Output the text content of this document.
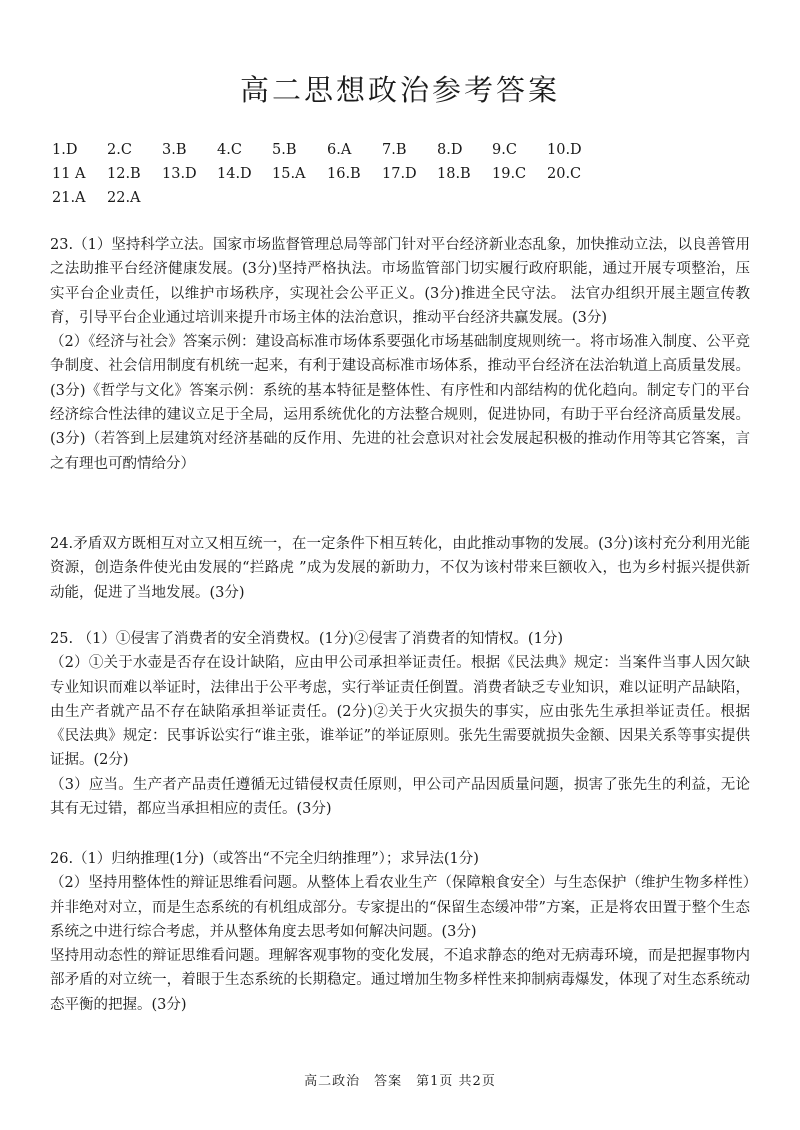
高二思想政治参考答案
1.D 2.C 3.B 4.C 5.B 6.A 7.B 8.D 9.C 10.D
11 A 12.B 13.D 14.D 15.A 16.B 17.D 18.B 19.C 20.C
21.A 22.A

23.（1）坚持科学立法。国家市场监督管理总局等部门针对平台经济新业态乱象，加快推动立法，以良善管用之法助推平台经济健康发展。(3分)坚持严格执法。市场监管部门切实履行政府职能，通过开展专项整治，压实平台企业责任，以维护市场秩序，实现社会公平正义。(3分)推进全民守法。 法官办组织开展主题宣传教育，引导平台企业通过培训来提升市场主体的法治意识，推动平台经济共赢发展。(3分)

（2）《经济与社会》答案示例：建设高标准市场体系要强化市场基础制度规则统一。将市场准入制度、公平竞争制度、社会信用制度有机统一起来，有利于建设高标准市场体系，推动平台经济在法治轨道上高质量发展。(3分)《哲学与文化》答案示例：系统的基本特征是整体性、有序性和内部结构的优化趋向。制定专门的平台经济综合性法律的建议立足于全局，运用系统优化的方法整合规则，促进协同，有助于平台经济高质量发展。(3分)（若答到上层建筑对经济基础的反作用、先进的社会意识对社会发展起积极的推动作用等其它答案，言之有理也可酌情给分）

24.矛盾双方既相互对立又相互统一，在一定条件下相互转化，由此推动事物的发展。(3分)该村充分利用光能资源，创造条件使光由发展的“拦路虎 ”成为发展的新助力，不仅为该村带来巨额收入，也为乡村振兴提供新动能，促进了当地发展。(3分)

25. （1）①侵害了消费者的安全消费权。(1分)②侵害了消费者的知情权。(1分)

（2）①关于水壶是否存在设计缺陷，应由甲公司承担举证责任。根据《民法典》规定：当案件当事人因欠缺专业知识而难以举证时，法律出于公平考虑，实行举证责任倒置。消费者缺乏专业知识，难以证明产品缺陷，由生产者就产品不存在缺陷承担举证责任。(2分)②关于火灾损失的事实，应由张先生承担举证责任。根据《民法典》规定：民事诉讼实行“谁主张，谁举证”的举证原则。张先生需要就损失金额、因果关系等事实提供证据。(2分)

（3）应当。生产者产品责任遵循无过错侵权责任原则，甲公司产品因质量问题，损害了张先生的利益，无论其有无过错，都应当承担相应的责任。(3分)

26.（1）归纳推理(1分)（或答出“不完全归纳推理”）；求异法(1分)

（2）坚持用整体性的辩证思维看问题。从整体上看农业生产（保障粮食安全）与生态保护（维护生物多样性）并非绝对对立，而是生态系统的有机组成部分。专家提出的“保留生态缓冲带”方案，正是将农田置于整个生态系统之中进行综合考虑，并从整体角度去思考如何解决问题。(3分)

坚持用动态性的辩证思维看问题。理解客观事物的变化发展，不追求静态的绝对无病毒环境，而是把握事物内部矛盾的对立统一，着眼于生态系统的长期稳定。通过增加生物多样性来抑制病毒爆发，体现了对生态系统动态平衡的把握。(3分)

高二政治　答案　第1页 共2页
